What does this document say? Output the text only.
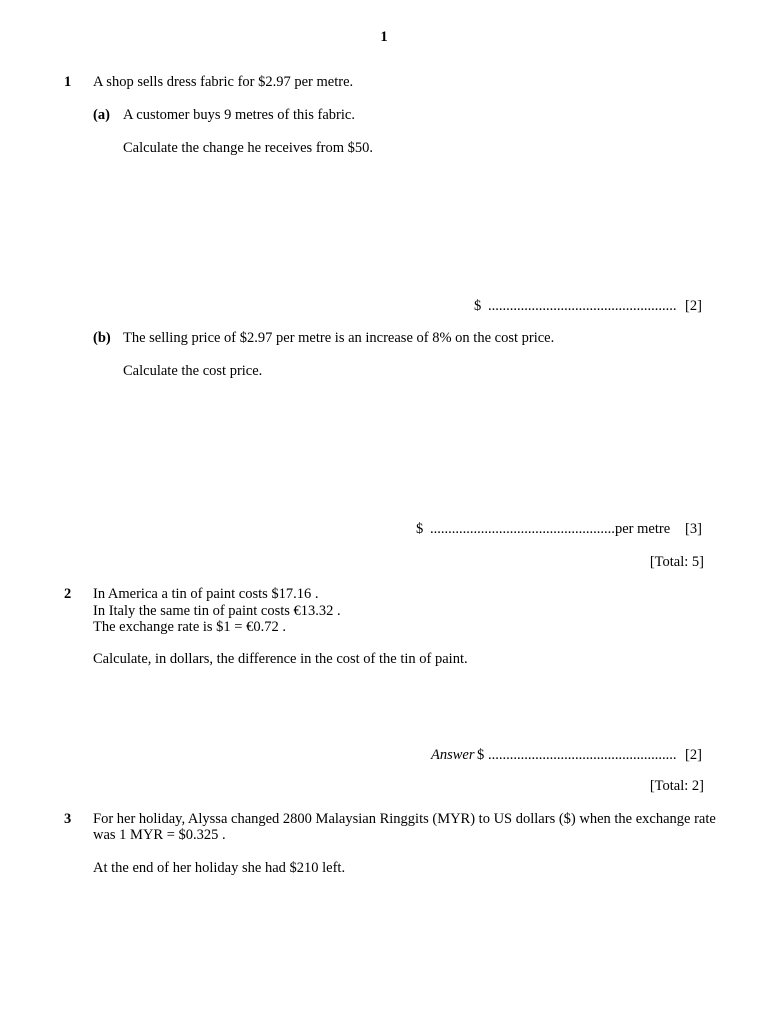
1
1 A shop sells dress fabric for $2.97 per metre.
(a) A customer buys 9 metres of this fabric.
Calculate the change he receives from $50.
$ .................................................... [2]
(b) The selling price of $2.97 per metre is an increase of 8% on the cost price.
Calculate the cost price.
$ ....................................................
per metre [3]
[Total: 5]
2 In America a tin of paint costs $17.16 .
In Italy the same tin of paint costs €13.32 .
The exchange rate is $1 = €0.72 .
Calculate, in dollars, the difference in the cost of the tin of paint.
Answer $ .................................................... [2]
[Total: 2]
3 For her holiday, Alyssa changed 2800 Malaysian Ringgits (MYR) to US dollars ($) when the exchange rate
was 1 MYR = $0.325 .
At the end of her holiday she had $210 left.
